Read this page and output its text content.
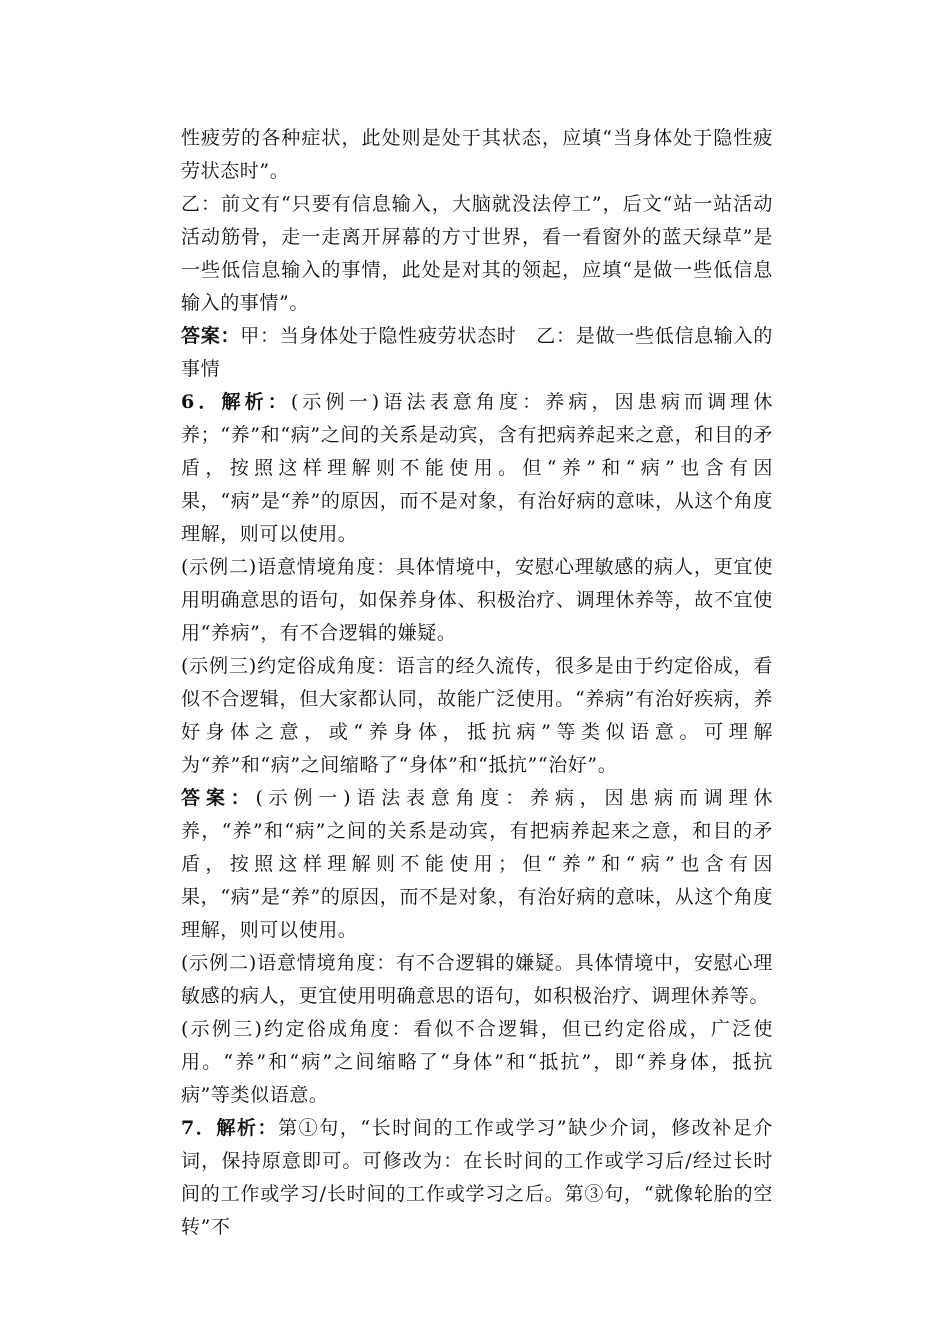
性疲劳的各种症状，此处则是处于其状态，应填“当身体处于隐性疲劳状态时”。

乙：前文有“只要有信息输入，大脑就没法停工”，后文“站一站活动活动筋骨，走一走离开屏幕的方寸世界，看一看窗外的蓝天绿草”是一些低信息输入的事情，此处是对其的领起，应填“是做一些低信息输入的事情”。

答案：甲：当身体处于隐性疲劳状态时　乙：是做一些低信息输入的事情

6．解析：(示例一)语法表意角度：养病，因患病而调理休养；“养”和“病”之间的关系是动宾，含有把病养起来之意，和目的矛盾，按照这样理解则不能使用。但“养”和“病”也含有因果，“病”是“养”的原因，而不是对象，有治好病的意味，从这个角度理解，则可以使用。

(示例二)语意情境角度：具体情境中，安慰心理敏感的病人，更宜使用明确意思的语句，如保养身体、积极治疗、调理休养等，故不宜使用“养病”，有不合逻辑的嫌疑。

(示例三)约定俗成角度：语言的经久流传，很多是由于约定俗成，看似不合逻辑，但大家都认同，故能广泛使用。“养病”有治好疾病，养好身体之意，或“养身体，抵抗病”等类似语意。可理解为“养”和“病”之间缩略了“身体”和“抵抗”“治好”。

答案：(示例一)语法表意角度：养病，因患病而调理休养，“养”和“病”之间的关系是动宾，有把病养起来之意，和目的矛盾，按照这样理解则不能使用；但“养”和“病”也含有因果，“病”是“养”的原因，而不是对象，有治好病的意味，从这个角度理解，则可以使用。

(示例二)语意情境角度：有不合逻辑的嫌疑。具体情境中，安慰心理敏感的病人，更宜使用明确意思的语句，如积极治疗、调理休养等。

(示例三)约定俗成角度：看似不合逻辑，但已约定俗成，广泛使用。“养”和“病”之间缩略了“身体”和“抵抗”，即“养身体，抵抗病”等类似语意。

7．解析：第①句，“长时间的工作或学习”缺少介词，修改补足介词，保持原意即可。可修改为：在长时间的工作或学习后/经过长时间的工作或学习/长时间的工作或学习之后。第③句，“就像轮胎的空转”不
